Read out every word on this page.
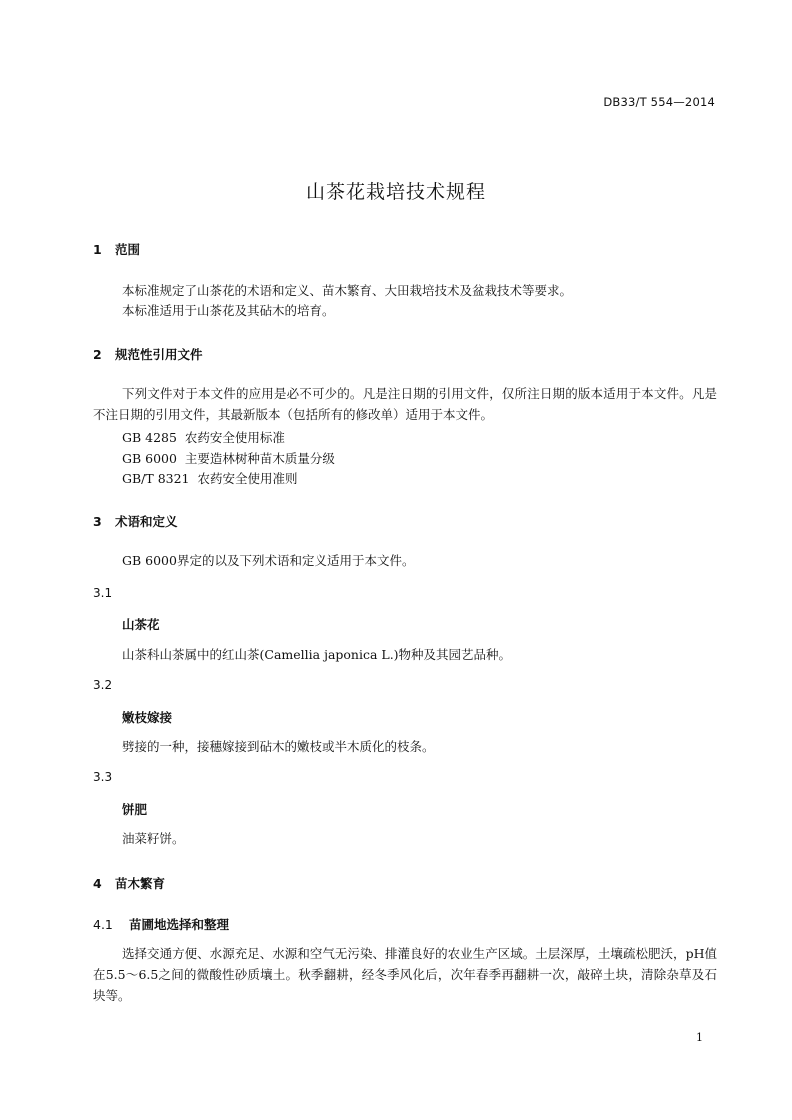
DB33/T 554—2014
山茶花栽培技术规程
1 范围
本标准规定了山茶花的术语和定义、苗木繁育、大田栽培技术及盆栽技术等要求。
本标准适用于山茶花及其砧木的培育。
2 规范性引用文件
下列文件对于本文件的应用是必不可少的。凡是注日期的引用文件，仅所注日期的版本适用于本文件。凡是不注日期的引用文件，其最新版本（包括所有的修改单）适用于本文件。
GB 4285  农药安全使用标准
GB 6000  主要造林树种苗木质量分级
GB/T 8321  农药安全使用准则
3 术语和定义
GB 6000界定的以及下列术语和定义适用于本文件。
3.1
山茶花
山茶科山茶属中的红山茶(Camellia japonica L.)物种及其园艺品种。
3.2
嫩枝嫁接
劈接的一种，接穗嫁接到砧木的嫩枝或半木质化的枝条。
3.3
饼肥
油菜籽饼。
4 苗木繁育
4.1 苗圃地选择和整理
选择交通方便、水源充足、水源和空气无污染、排灌良好的农业生产区域。土层深厚，土壤疏松肥沃，pH值在5.5～6.5之间的微酸性砂质壤土。秋季翻耕，经冬季风化后，次年春季再翻耕一次，敲碎土块，清除杂草及石块等。
1
